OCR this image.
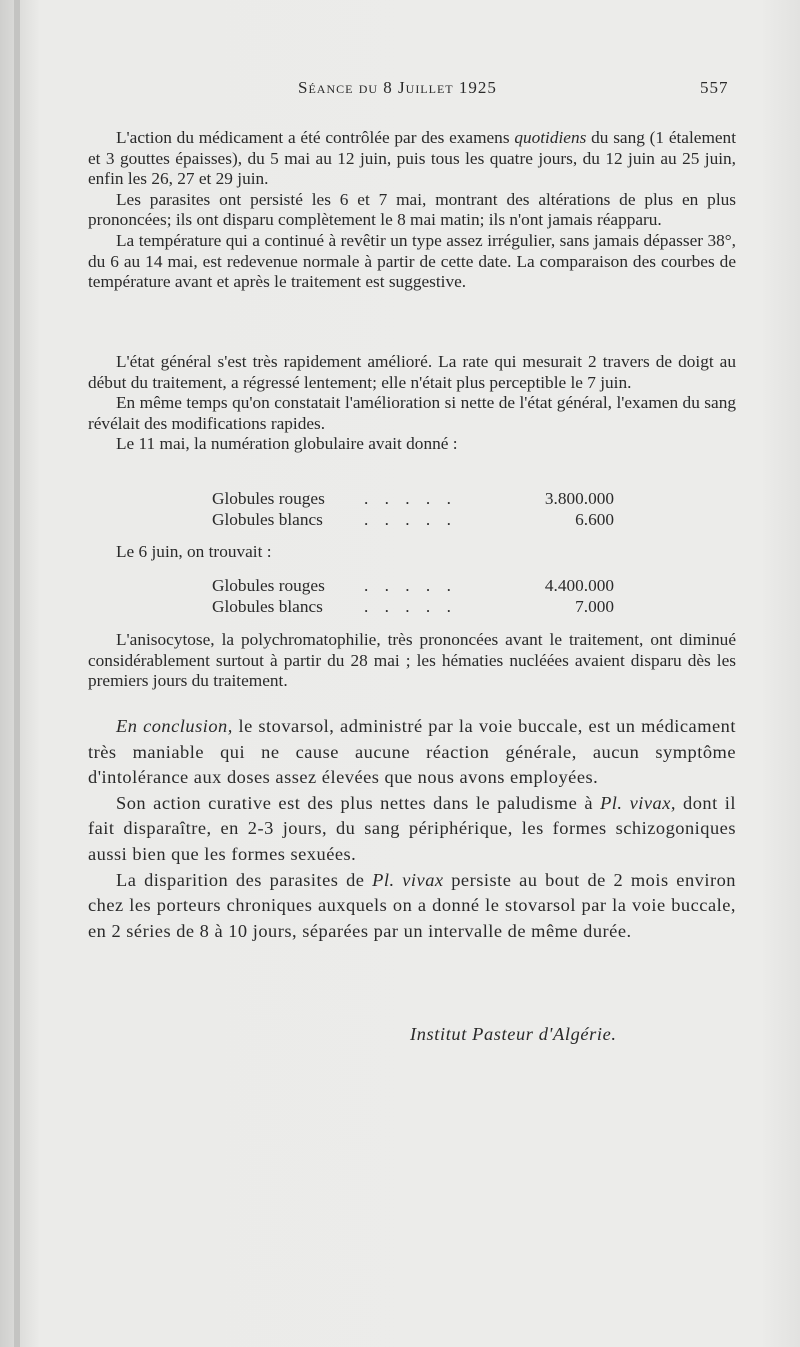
Séance du 8 Juillet 1925	557

L'action du médicament a été contrôlée par des examens quotidiens du sang (1 étalement et 3 gouttes épaisses), du 5 mai au 12 juin, puis tous les quatre jours, du 12 juin au 25 juin, enfin les 26, 27 et 29 juin.

Les parasites ont persisté les 6 et 7 mai, montrant des altérations de plus en plus prononcées; ils ont disparu complètement le 8 mai matin; ils n'ont jamais réapparu.

La température qui a continué à revêtir un type assez irrégulier, sans jamais dépasser 38°, du 6 au 14 mai, est redevenue normale à partir de cette date. La comparaison des courbes de température avant et après le traitement est suggestive.

L'état général s'est très rapidement amélioré. La rate qui mesurait 2 travers de doigt au début du traitement, a régressé lentement; elle n'était plus perceptible le 7 juin.

En même temps qu'on constatait l'amélioration si nette de l'état général, l'examen du sang révélait des modifications rapides.

Le 11 mai, la numération globulaire avait donné :

Globules rouges . . . . .	3.800.000
Globules blancs . . . . .	6.600

Le 6 juin, on trouvait :

Globules rouges . . . . .	4.400.000
Globules blancs . . . . .	7.000

L'anisocytose, la polychromatophilie, très prononcées avant le traitement, ont diminué considérablement surtout à partir du 28 mai ; les hématies nucléées avaient disparu dès les premiers jours du traitement.

En conclusion, le stovarsol, administré par la voie buccale, est un médicament très maniable qui ne cause aucune réaction générale, aucun symptôme d'intolérance aux doses assez élevées que nous avons employées.

Son action curative est des plus nettes dans le paludisme à Pl. vivax, dont il fait disparaître, en 2-3 jours, du sang périphérique, les formes schizogoniques aussi bien que les formes sexuées.

La disparition des parasites de Pl. vivax persiste au bout de 2 mois environ chez les porteurs chroniques auxquels on a donné le stovarsol par la voie buccale, en 2 séries de 8 à 10 jours, séparées par un intervalle de même durée.

Institut Pasteur d'Algérie.
